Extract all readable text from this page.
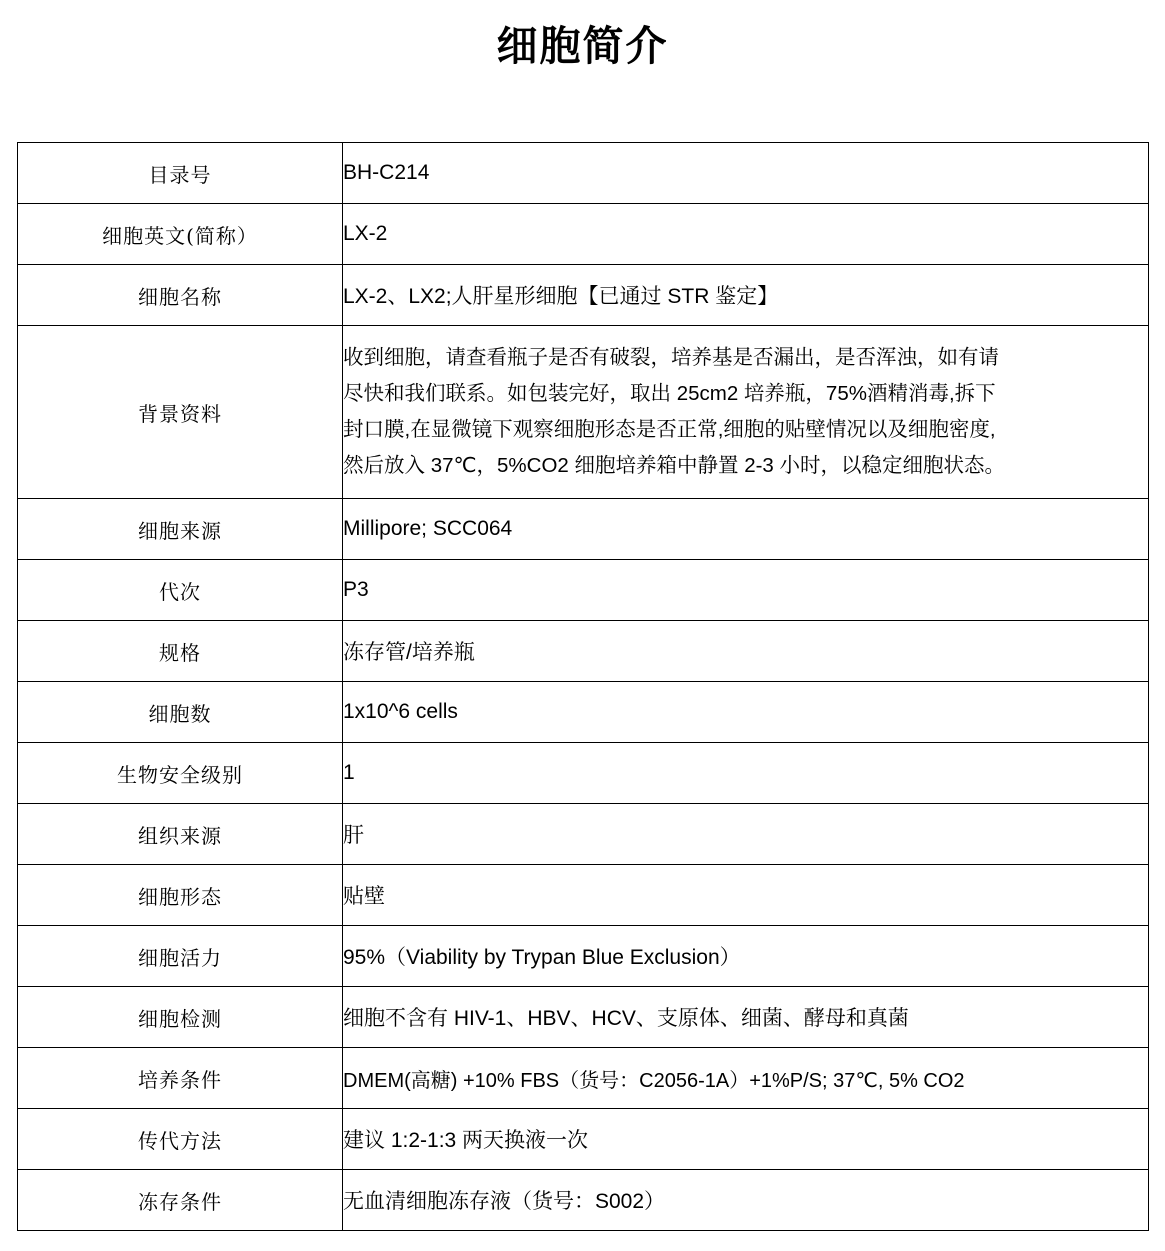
细胞简介
目录号	BH-C214
细胞英文(简称）	LX-2
细胞名称	LX-2、LX2;人肝星形细胞【已通过 STR 鉴定】
背景资料	收到细胞，请查看瓶子是否有破裂，培养基是否漏出，是否浑浊，如有请
尽快和我们联系。如包装完好，取出 25cm2 培养瓶，75%酒精消毒,拆下
封口膜,在显微镜下观察细胞形态是否正常,细胞的贴壁情况以及细胞密度,
然后放入 37℃，5%CO2 细胞培养箱中静置 2-3 小时，以稳定细胞状态。

细胞来源	Millipore; SCC064
代次	P3
规格	冻存管/培养瓶
细胞数	1x10^6 cells
生物安全级别	1
组织来源	肝
细胞形态	贴壁
细胞活力	95%（Viability by Trypan Blue Exclusion）
细胞检测	细胞不含有 HIV-1、HBV、HCV、支原体、细菌、酵母和真菌
培养条件	DMEM(高糖) +10% FBS（货号：C2056-1A）+1%P/S; 37℃, 5% CO2
传代方法	建议 1:2-1:3 两天换液一次
冻存条件	无血清细胞冻存液（货号：S002）
